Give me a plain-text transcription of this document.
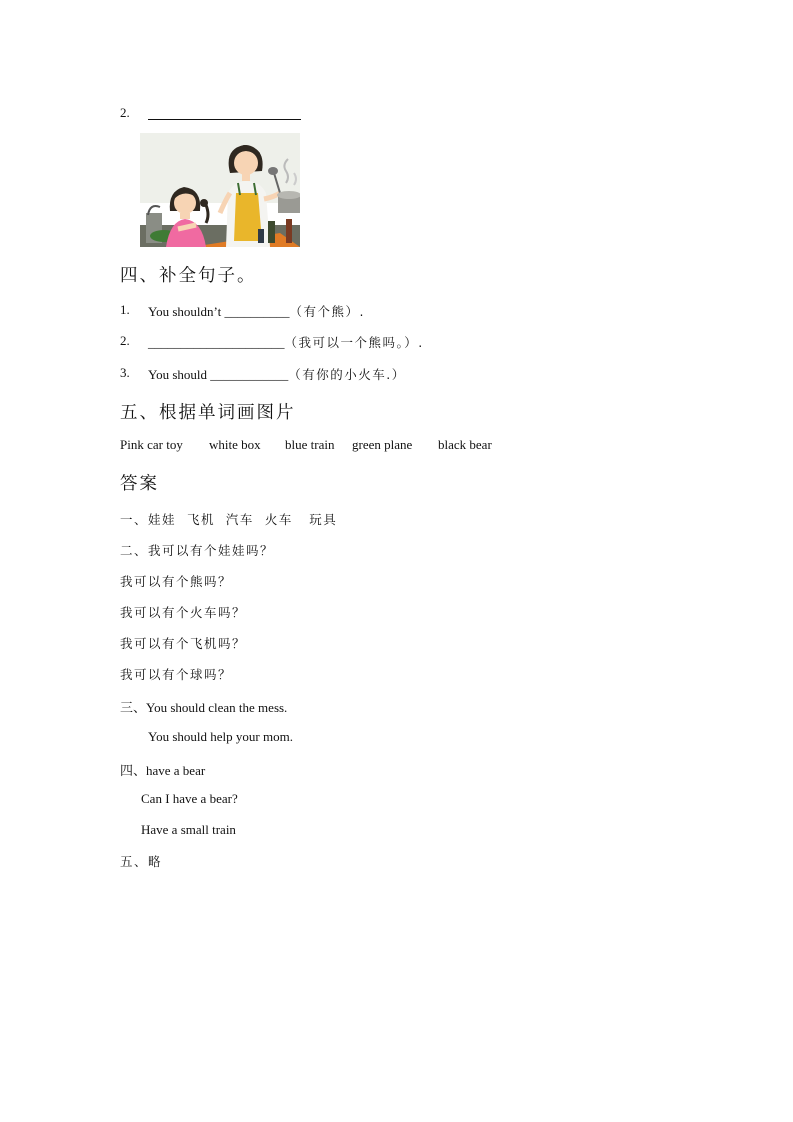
2.
四、补全句子。
1. You shouldn’t __________（有个熊）.
2. _____________________（我可以一个熊吗。）.
3. You should ____________（有你的小火车.）
五、根据单词画图片
Pink car toy white box blue train green plane black bear
答案
一、娃娃  飞机  汽车  火车   玩具
二、我可以有个娃娃吗？
我可以有个熊吗？
我可以有个火车吗？
我可以有个飞机吗？
我可以有个球吗？
三、You should clean the mess.
You should help your mom.
四、have a bear
Can I have a bear?
Have a small train
五、略
